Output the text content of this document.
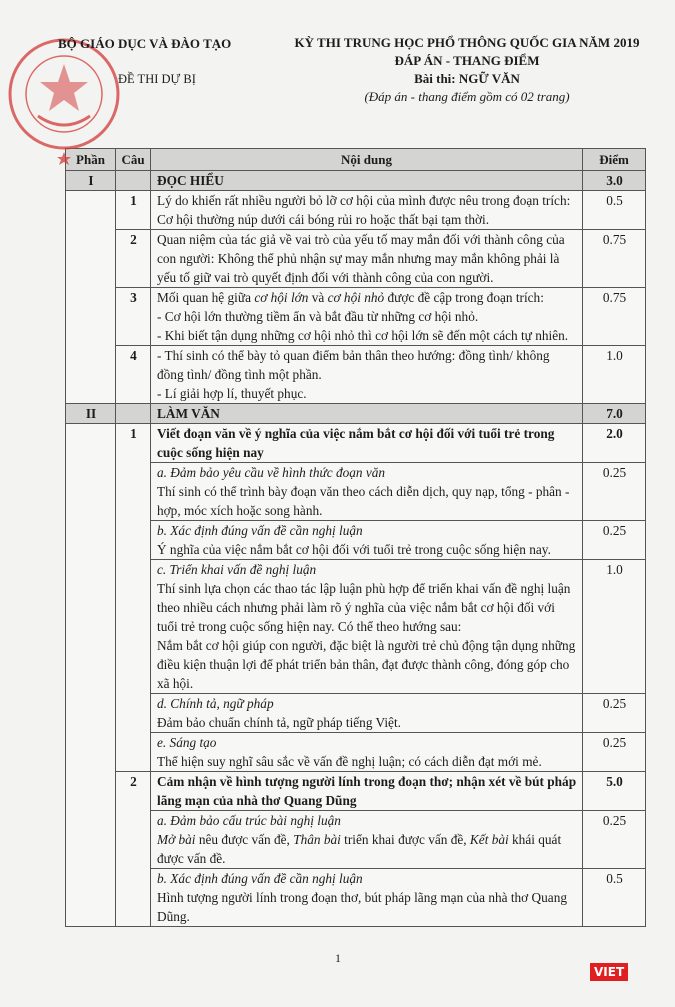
BỘ GIÁO DỤC VÀ ĐÀO TẠO
ĐỀ THI DỰ BỊ
KỲ THI TRUNG HỌC PHỔ THÔNG QUỐC GIA NĂM 2019
ĐÁP ÁN - THANG ĐIỂM
Bài thi: NGỮ VĂN
(Đáp án - thang điểm gồm có 02 trang)
Phần	Câu	Nội dung	Điểm
I		ĐỌC HIỂU	3.0
	1	Lý do khiến rất nhiều người bỏ lỡ cơ hội của mình được nêu trong đoạn trích: Cơ hội thường núp dưới cái bóng rủi ro hoặc thất bại tạm thời.	0.5
	2	Quan niệm của tác giả về vai trò của yếu tố may mắn đối với thành công của con người: Không thể phủ nhận sự may mắn nhưng may mắn không phải là yếu tố giữ vai trò quyết định đối với thành công của con người.	0.75
	3	Mối quan hệ giữa cơ hội lớn và cơ hội nhỏ được đề cập trong đoạn trích:
- Cơ hội lớn thường tiềm ẩn và bắt đầu từ những cơ hội nhỏ.
- Khi biết tận dụng những cơ hội nhỏ thì cơ hội lớn sẽ đến một cách tự nhiên.	0.75
	4	- Thí sinh có thể bày tỏ quan điểm bản thân theo hướng: đồng tình/ không đồng tình/ đồng tình một phần.
- Lí giải hợp lí, thuyết phục.	1.0
II		LÀM VĂN	7.0
	1	Viết đoạn văn về ý nghĩa của việc nắm bắt cơ hội đối với tuổi trẻ trong cuộc sống hiện nay	2.0

		a. Đảm bảo yêu cầu về hình thức đoạn văn
Thí sinh có thể trình bày đoạn văn theo cách diễn dịch, quy nạp, tổng - phân - hợp, móc xích hoặc song hành.	0.25

		b. Xác định đúng vấn đề cần nghị luận
Ý nghĩa của việc nắm bắt cơ hội đối với tuổi trẻ trong cuộc sống hiện nay.	0.25

		c. Triển khai vấn đề nghị luận
Thí sinh lựa chọn các thao tác lập luận phù hợp để triển khai vấn đề nghị luận theo nhiều cách nhưng phải làm rõ ý nghĩa của việc nắm bắt cơ hội đối với tuổi trẻ trong cuộc sống hiện nay. Có thể theo hướng sau:
Nắm bắt cơ hội giúp con người, đặc biệt là người trẻ chủ động tận dụng những điều kiện thuận lợi để phát triển bản thân, đạt được thành công, đóng góp cho xã hội.	1.0

		d. Chính tả, ngữ pháp
Đảm bảo chuẩn chính tả, ngữ pháp tiếng Việt.	0.25

		e. Sáng tạo
Thể hiện suy nghĩ sâu sắc về vấn đề nghị luận; có cách diễn đạt mới mẻ.	0.25
	2	Cảm nhận về hình tượng người lính trong đoạn thơ; nhận xét về bút pháp lãng mạn của nhà thơ Quang Dũng	5.0

		a. Đảm bảo cấu trúc bài nghị luận
Mở bài nêu được vấn đề, Thân bài triển khai được vấn đề, Kết bài khái quát được vấn đề.	0.25

		b. Xác định đúng vấn đề cần nghị luận
Hình tượng người lính trong đoạn thơ, bút pháp lãng mạn của nhà thơ Quang Dũng.	0.5
1
VIET
